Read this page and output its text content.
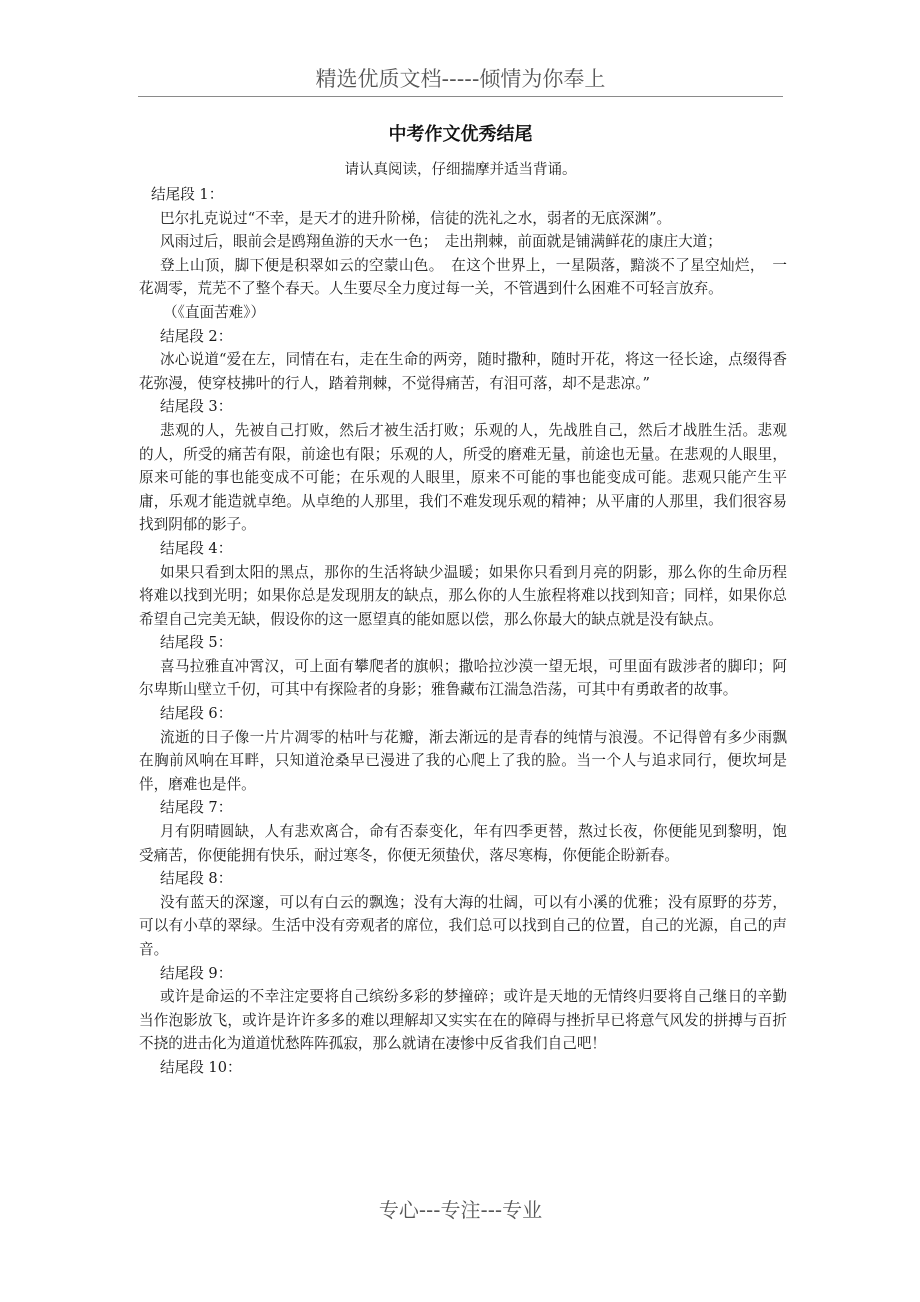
精选优质文档-----倾情为你奉上
中考作文优秀结尾
请认真阅读，仔细揣摩并适当背诵。

结尾段 1：

巴尔扎克说过“不幸，是天才的进升阶梯，信徒的洗礼之水，弱者的无底深渊”。

风雨过后，眼前会是鸥翔鱼游的天水一色；　走出荆棘，前面就是铺满鲜花的康庄大道；

登上山顶，脚下便是积翠如云的空蒙山色。　在这个世界上，一星陨落，黯淡不了星空灿烂，　一花凋零，荒芜不了整个春天。人生要尽全力度过每一关，不管遇到什么困难不可轻言放弃。

（《直面苦难》）

结尾段 2：

冰心说道“爱在左，同情在右，走在生命的两旁，随时撒种，随时开花，将这一径长途，点缀得香花弥漫，使穿枝拂叶的行人，踏着荆棘，不觉得痛苦，有泪可落，却不是悲凉。”

结尾段 3：

悲观的人，先被自己打败，然后才被生活打败；乐观的人，先战胜自己，然后才战胜生活。悲观的人，所受的痛苦有限，前途也有限；乐观的人，所受的磨难无量，前途也无量。在悲观的人眼里，原来可能的事也能变成不可能；在乐观的人眼里，原来不可能的事也能变成可能。悲观只能产生平庸，乐观才能造就卓绝。从卓绝的人那里，我们不难发现乐观的精神；从平庸的人那里，我们很容易找到阴郁的影子。

结尾段 4：

如果只看到太阳的黑点，那你的生活将缺少温暖；如果你只看到月亮的阴影，那么你的生命历程将难以找到光明；如果你总是发现朋友的缺点，那么你的人生旅程将难以找到知音；同样，如果你总希望自己完美无缺，假设你的这一愿望真的能如愿以偿，那么你最大的缺点就是没有缺点。

结尾段 5：

喜马拉雅直冲霄汉，可上面有攀爬者的旗帜；撒哈拉沙漠一望无垠，可里面有跋涉者的脚印；阿尔卑斯山壁立千仞，可其中有探险者的身影；雅鲁藏布江湍急浩荡，可其中有勇敢者的故事。

结尾段 6：

流逝的日子像一片片凋零的枯叶与花瓣，渐去渐远的是青春的纯情与浪漫。不记得曾有多少雨飘在胸前风响在耳畔，只知道沧桑早已漫进了我的心爬上了我的脸。当一个人与追求同行，便坎坷是伴，磨难也是伴。

结尾段 7：

月有阴晴圆缺，人有悲欢离合，命有否泰变化，年有四季更替，熬过长夜，你便能见到黎明，饱受痛苦，你便能拥有快乐，耐过寒冬，你便无须蛰伏，落尽寒梅，你便能企盼新春。

结尾段 8：

没有蓝天的深邃，可以有白云的飘逸；没有大海的壮阔，可以有小溪的优雅；没有原野的芬芳，可以有小草的翠绿。生活中没有旁观者的席位，我们总可以找到自己的位置，自己的光源，自己的声音。

结尾段 9：

或许是命运的不幸注定要将自己缤纷多彩的梦撞碎；或许是天地的无情终归要将自己继日的辛勤当作泡影放飞，或许是许许多多的难以理解却又实实在在的障碍与挫折早已将意气风发的拼搏与百折不挠的进击化为道道忧愁阵阵孤寂，那么就请在凄惨中反省我们自己吧！

结尾段 10：

专心---专注---专业
